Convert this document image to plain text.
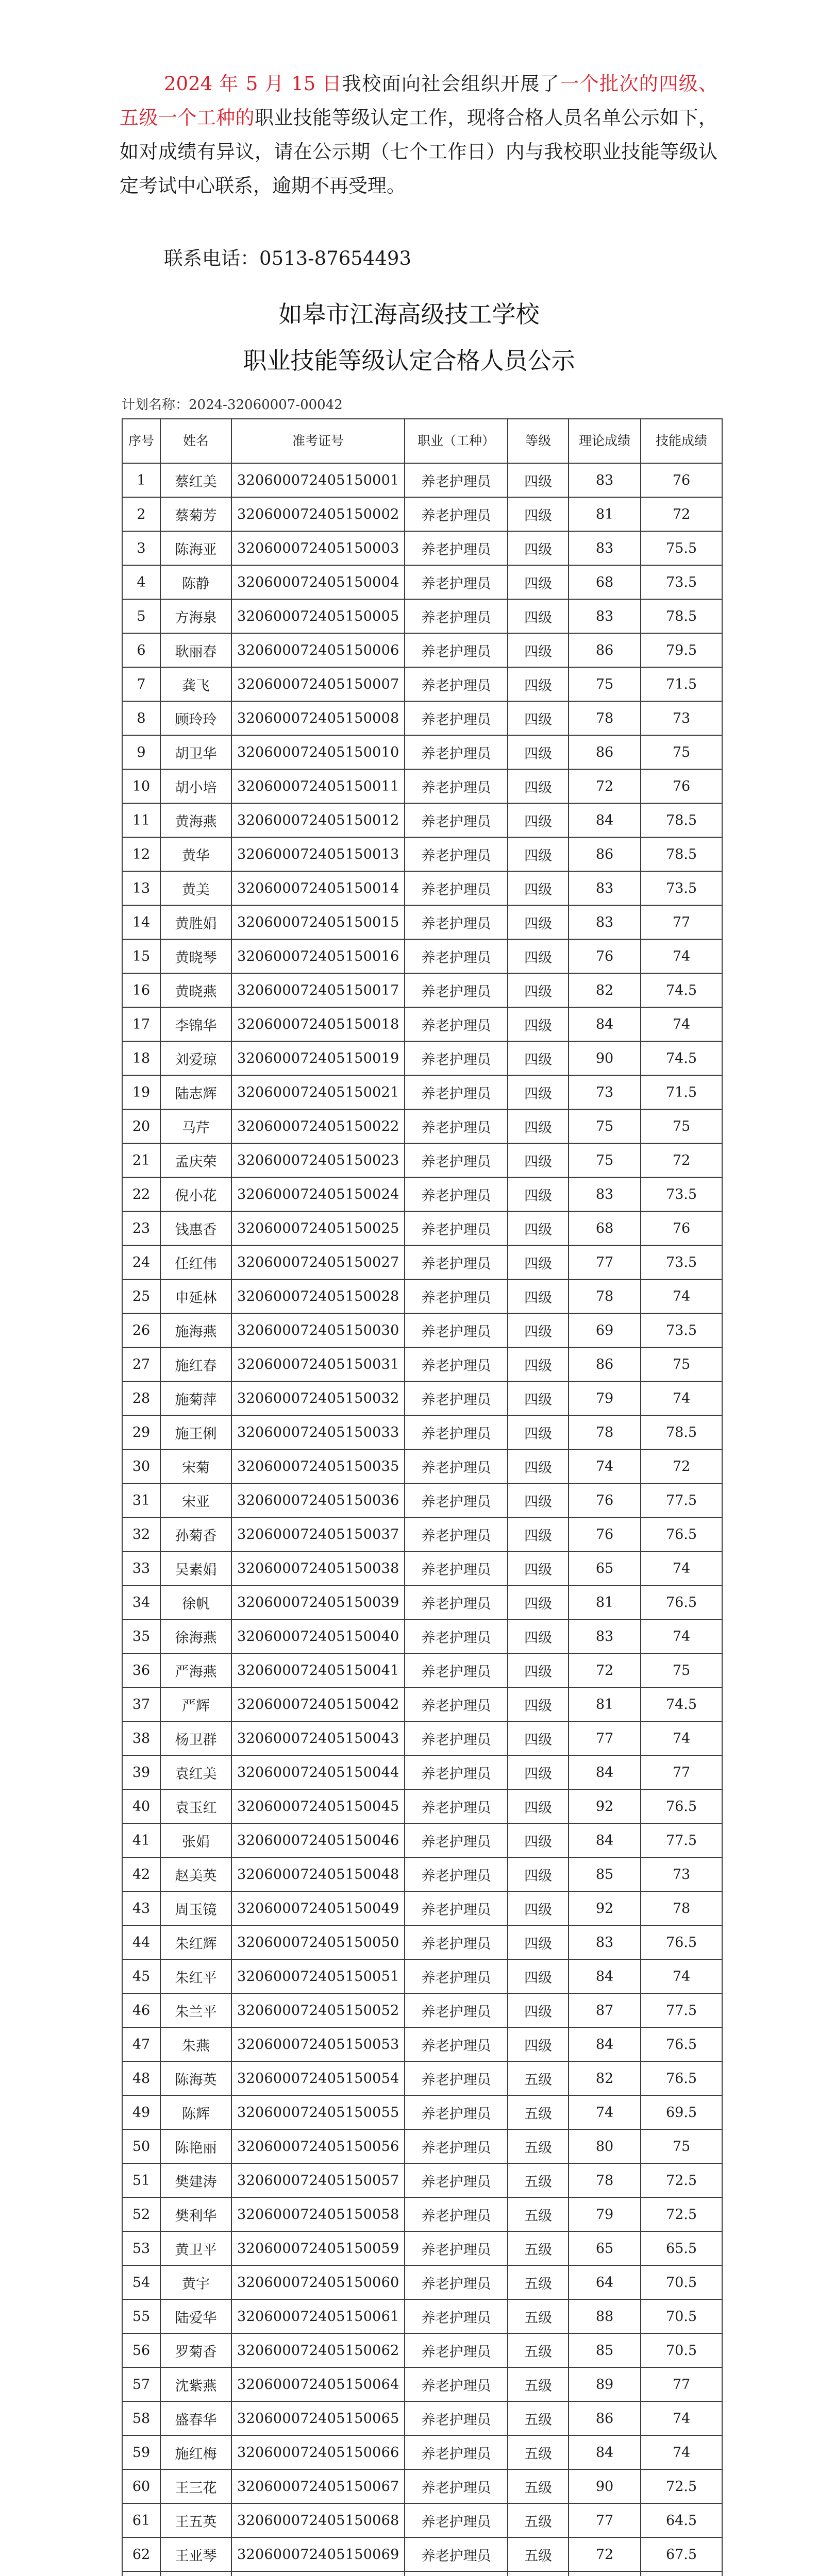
2024 年 5 月 15 日我校面向社会组织开展了一个批次的四级、五级一个工种的职业技能等级认定工作，现将合格人员名单公示如下，如对成绩有异议，请在公示期（七个工作日）内与我校职业技能等级认定考试中心联系，逾期不再受理。

联系电话：0513-87654493
如皋市江海高级技工学校
职业技能等级认定合格人员公示
计划名称：2024-32060007-00042
序号	姓名	准考证号	职业（工种）	等级	理论成绩	技能成绩
1	蔡红美	320600072405150001	养老护理员	四级	83	76
2	蔡菊芳	320600072405150002	养老护理员	四级	81	72
3	陈海亚	320600072405150003	养老护理员	四级	83	75.5
4	陈静	320600072405150004	养老护理员	四级	68	73.5
5	方海泉	320600072405150005	养老护理员	四级	83	78.5
6	耿丽春	320600072405150006	养老护理员	四级	86	79.5
7	龚飞	320600072405150007	养老护理员	四级	75	71.5
8	顾玲玲	320600072405150008	养老护理员	四级	78	73
9	胡卫华	320600072405150010	养老护理员	四级	86	75
10	胡小培	320600072405150011	养老护理员	四级	72	76
11	黄海燕	320600072405150012	养老护理员	四级	84	78.5
12	黄华	320600072405150013	养老护理员	四级	86	78.5
13	黄美	320600072405150014	养老护理员	四级	83	73.5
14	黄胜娟	320600072405150015	养老护理员	四级	83	77
15	黄晓琴	320600072405150016	养老护理员	四级	76	74
16	黄晓燕	320600072405150017	养老护理员	四级	82	74.5
17	李锦华	320600072405150018	养老护理员	四级	84	74
18	刘爱琼	320600072405150019	养老护理员	四级	90	74.5
19	陆志辉	320600072405150021	养老护理员	四级	73	71.5
20	马芹	320600072405150022	养老护理员	四级	75	75
21	孟庆荣	320600072405150023	养老护理员	四级	75	72
22	倪小花	320600072405150024	养老护理员	四级	83	73.5
23	钱惠香	320600072405150025	养老护理员	四级	68	76
24	任红伟	320600072405150027	养老护理员	四级	77	73.5
25	申延林	320600072405150028	养老护理员	四级	78	74
26	施海燕	320600072405150030	养老护理员	四级	69	73.5
27	施红春	320600072405150031	养老护理员	四级	86	75
28	施菊萍	320600072405150032	养老护理员	四级	79	74
29	施王俐	320600072405150033	养老护理员	四级	78	78.5
30	宋菊	320600072405150035	养老护理员	四级	74	72
31	宋亚	320600072405150036	养老护理员	四级	76	77.5
32	孙菊香	320600072405150037	养老护理员	四级	76	76.5
33	吴素娟	320600072405150038	养老护理员	四级	65	74
34	徐帆	320600072405150039	养老护理员	四级	81	76.5
35	徐海燕	320600072405150040	养老护理员	四级	83	74
36	严海燕	320600072405150041	养老护理员	四级	72	75
37	严辉	320600072405150042	养老护理员	四级	81	74.5
38	杨卫群	320600072405150043	养老护理员	四级	77	74
39	袁红美	320600072405150044	养老护理员	四级	84	77
40	袁玉红	320600072405150045	养老护理员	四级	92	76.5
41	张娟	320600072405150046	养老护理员	四级	84	77.5
42	赵美英	320600072405150048	养老护理员	四级	85	73
43	周玉镜	320600072405150049	养老护理员	四级	92	78
44	朱红辉	320600072405150050	养老护理员	四级	83	76.5
45	朱红平	320600072405150051	养老护理员	四级	84	74
46	朱兰平	320600072405150052	养老护理员	四级	87	77.5
47	朱燕	320600072405150053	养老护理员	四级	84	76.5
48	陈海英	320600072405150054	养老护理员	五级	82	76.5
49	陈辉	320600072405150055	养老护理员	五级	74	69.5
50	陈艳丽	320600072405150056	养老护理员	五级	80	75
51	樊建涛	320600072405150057	养老护理员	五级	78	72.5
52	樊利华	320600072405150058	养老护理员	五级	79	72.5
53	黄卫平	320600072405150059	养老护理员	五级	65	65.5
54	黄宇	320600072405150060	养老护理员	五级	64	70.5
55	陆爱华	320600072405150061	养老护理员	五级	88	70.5
56	罗菊香	320600072405150062	养老护理员	五级	85	70.5
57	沈紫燕	320600072405150064	养老护理员	五级	89	77
58	盛春华	320600072405150065	养老护理员	五级	86	74
59	施红梅	320600072405150066	养老护理员	五级	84	74
60	王三花	320600072405150067	养老护理员	五级	90	72.5
61	王五英	320600072405150068	养老护理员	五级	77	64.5
62	王亚琴	320600072405150069	养老护理员	五级	72	67.5
